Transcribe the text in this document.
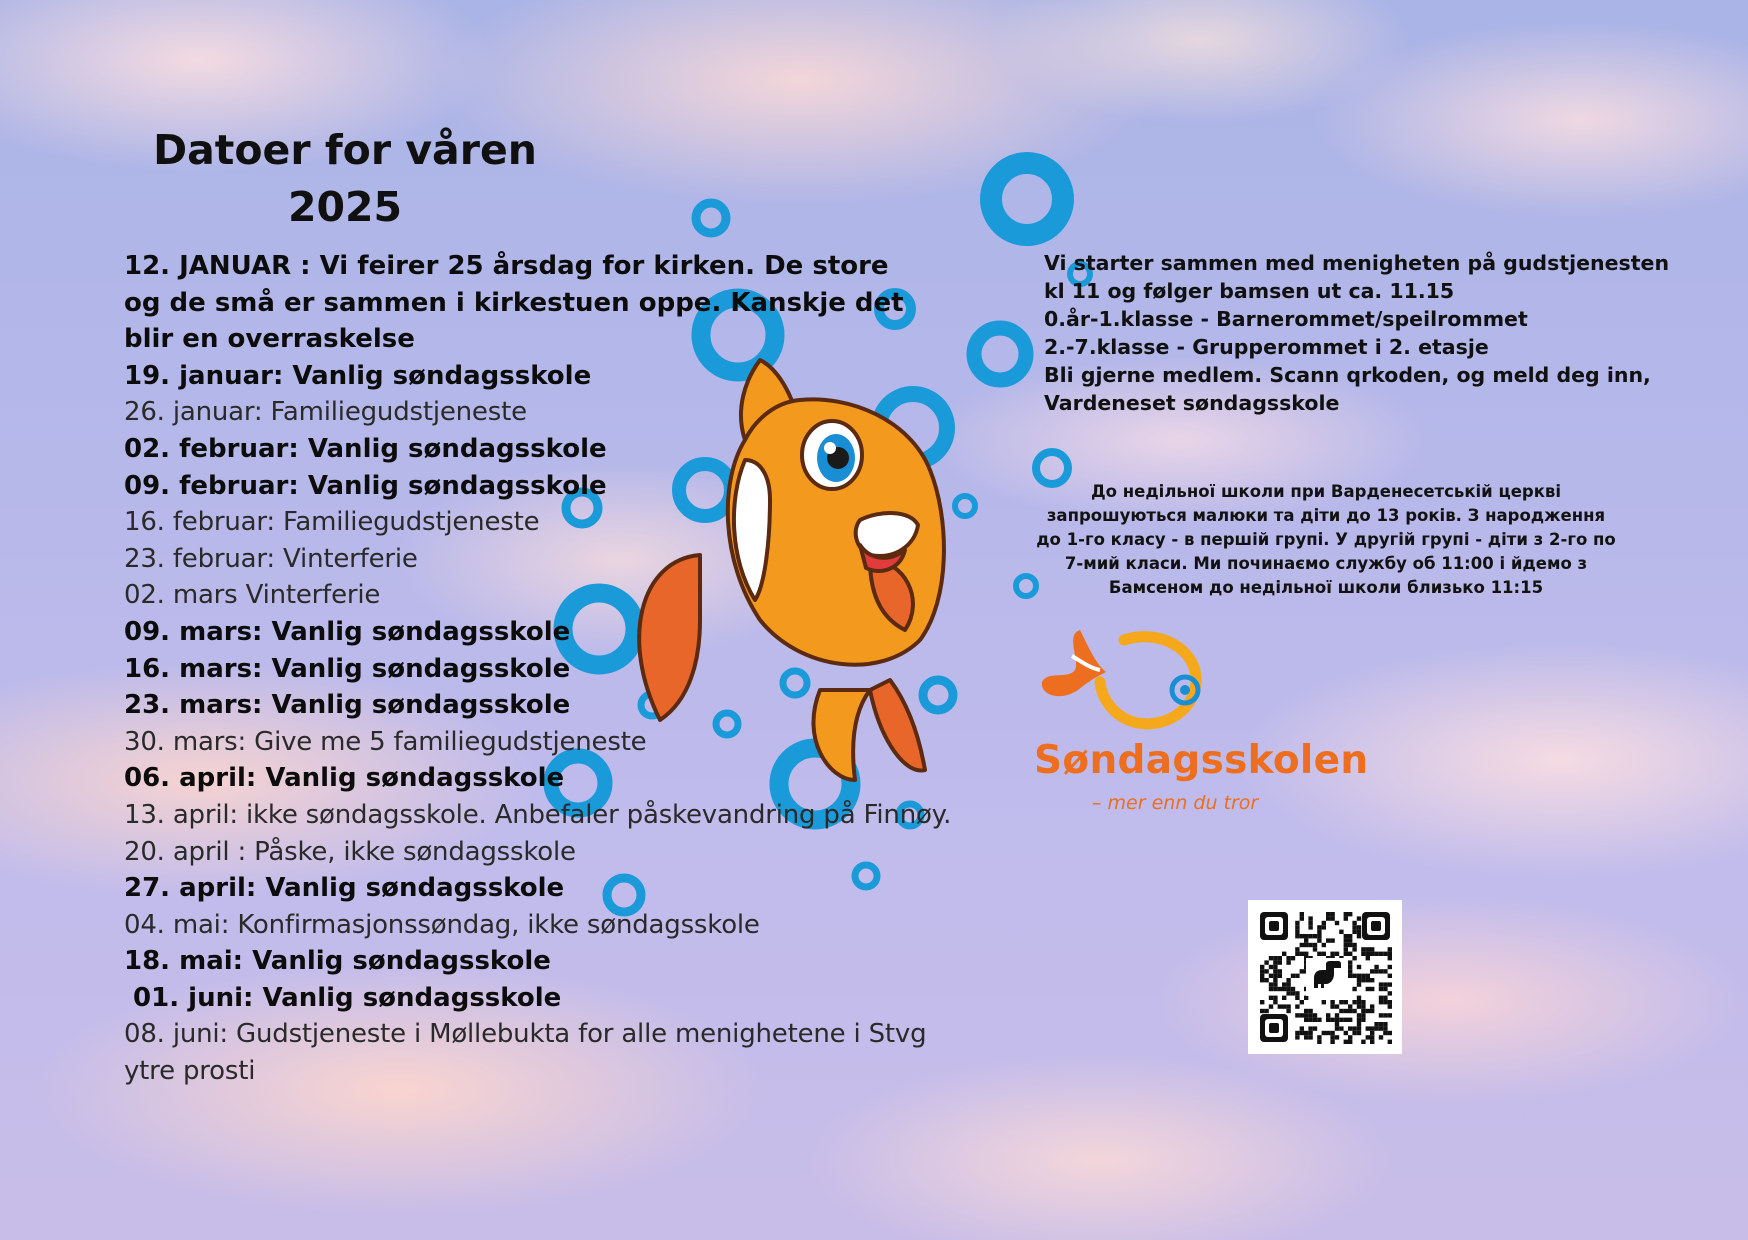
Datoer for våren
2025
12. JANUAR : Vi feirer 25 årsdag for kirken. De store og de små er sammen i kirkestuen oppe. Kanskje det blir en overraskelse
19. januar: Vanlig søndagsskole
26. januar: Familiegudstjeneste
02. februar: Vanlig søndagsskole
09. februar: Vanlig søndagsskole
16. februar: Familiegudstjeneste
23. februar: Vinterferie
02. mars Vinterferie
09. mars: Vanlig søndagsskole
16. mars: Vanlig søndagsskole
23. mars: Vanlig søndagsskole
30. mars: Give me 5 familiegudstjeneste
06. april: Vanlig søndagsskole
13. april: ikke søndagsskole. Anbefaler påskevandring på Finnøy.
20. april : Påske, ikke søndagsskole
27. april: Vanlig søndagsskole
04. mai: Konfirmasjonssøndag, ikke søndagsskole
18. mai: Vanlig søndagsskole
01. juni: Vanlig søndagsskole
08. juni: Gudstjeneste i Møllebukta for alle menighetene i Stvg ytre prosti
Vi starter sammen med menigheten på gudstjenesten
kl 11 og følger bamsen ut ca. 11.15
0.år-1.klasse - Barnerommet/speilrommet
2.-7.klasse - Grupperommet i 2. etasje
Bli gjerne medlem. Scann qrkoden, og meld deg inn,
Vardeneset søndagsskole
До недільної школи при Варденесетській церкві запрошуються малюки та діти до 13 років. З народження до 1-го класу - в першій групі. У другій групі - діти з 2-го по 7-мий класи. Ми починаємо службу об 11:00 і йдемо з Бамсеном до недільної школи близько 11:15
Søndagsskolen
– mer enn du tror
